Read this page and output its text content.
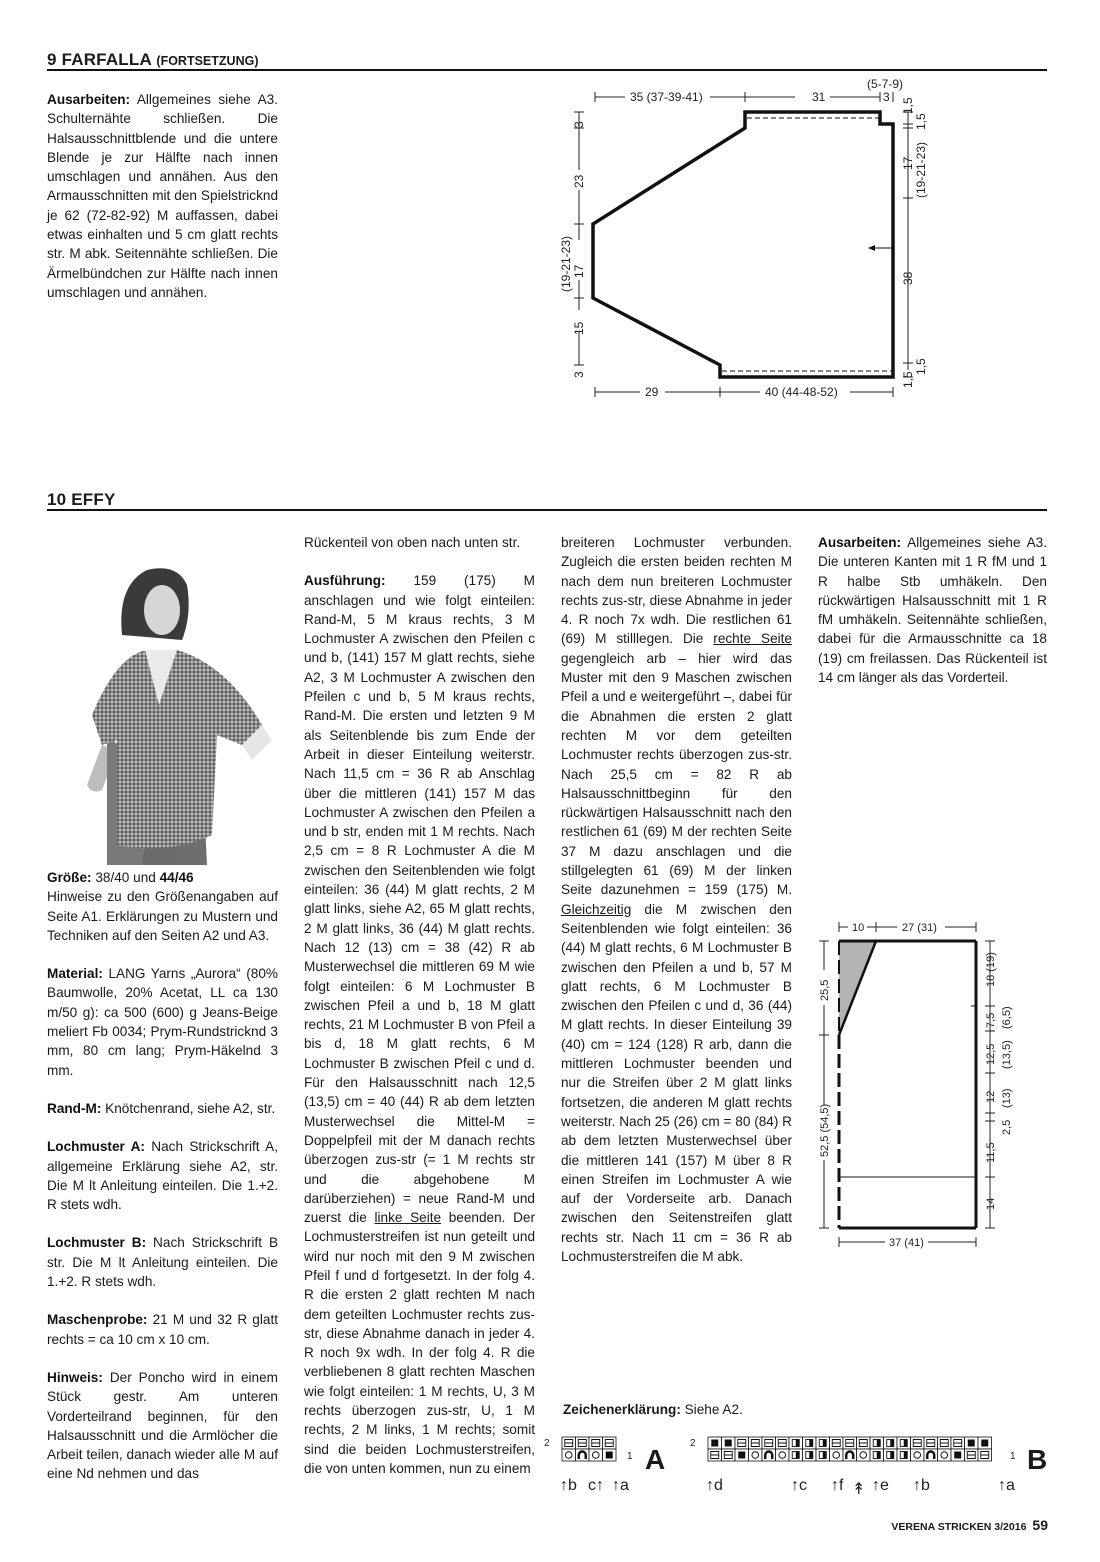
9 FARFALLA (FORTSETZUNG)

Ausarbeiten: Allgemeines siehe A3. Schulternähte schließen. Die Halsausschnittblende und die untere Blende je zur Hälfte nach innen umschlagen und annähen. Aus den Armausschnitten mit den Spielstricknd je 62 (72-82-92) M auffassen, dabei etwas einhalten und 5 cm glatt rechts str. M abk. Seitennähte schließen. Die Ärmelbündchen zur Hälfte nach innen umschlagen und annähen.

35 (37-39-41)	31
(5-7-9)
3
3
23
17
(19-21-23)
15
3
29	40 (44-48-52)
1,5
1,5
17 (19-21-23)
38
1,5
1,5
10 EFFY

Größe: 38/40 und 44/46
Hinweise zu den Größenangaben auf Seite A1. Erklärungen zu Mustern und Techniken auf den Seiten A2 und A3.

Material: LANG Yarns „Aurora“ (80% Baumwolle, 20% Acetat, LL ca 130 m/50 g): ca 500 (600) g Jeans-Beige meliert Fb 0034; Prym-Rundstricknd 3 mm, 80 cm lang; Prym-Häkelnd 3 mm.

Rand-M: Knötchenrand, siehe A2, str.

Lochmuster A: Nach Strickschrift A, allgemeine Erklärung siehe A2, str. Die M lt Anleitung einteilen. Die 1.+2. R stets wdh.

Lochmuster B: Nach Strickschrift B str. Die M lt Anleitung einteilen. Die 1.+2. R stets wdh.

Maschenprobe: 21 M und 32 R glatt rechts = ca 10 cm x 10 cm.

Hinweis: Der Poncho wird in einem Stück gestr. Am unteren Vorderteilrand beginnen, für den Halsausschnitt und die Armlöcher die Arbeit teilen, danach wieder alle M auf eine Nd nehmen und das

Rückenteil von oben nach unten str.

Ausführung: 159 (175) M anschlagen und wie folgt einteilen: Rand-M, 5 M kraus rechts, 3 M Lochmuster A zwischen den Pfeilen c und b, (141) 157 M glatt rechts, siehe A2, 3 M Lochmuster A zwischen den Pfeilen c und b, 5 M kraus rechts, Rand-M. Die ersten und letzten 9 M als Seitenblende bis zum Ende der Arbeit in dieser Einteilung weiterstr. Nach 11,5 cm = 36 R ab Anschlag über die mittleren (141) 157 M das Lochmuster A zwischen den Pfeilen a und b str, enden mit 1 M rechts. Nach 2,5 cm = 8 R Lochmuster A die M zwischen den Seitenblenden wie folgt einteilen: 36 (44) M glatt rechts, 2 M glatt links, siehe A2, 65 M glatt rechts, 2 M glatt links, 36 (44) M glatt rechts. Nach 12 (13) cm = 38 (42) R ab Musterwechsel die mittleren 69 M wie folgt einteilen: 6 M Lochmuster B zwischen Pfeil a und b, 18 M glatt rechts, 21 M Lochmuster B von Pfeil a bis d, 18 M glatt rechts, 6 M Lochmuster B zwischen Pfeil c und d. Für den Halsausschnitt nach 12,5 (13,5) cm = 40 (44) R ab dem letzten Musterwechsel die Mittel-M = Doppelpfeil mit der M danach rechts überzogen zus-str (= 1 M rechts str und die abgehobene M darüberziehen) = neue Rand-M und zuerst die linke Seite beenden. Der Lochmusterstreifen ist nun geteilt und wird nur noch mit den 9 M zwischen Pfeil f und d fortgesetzt. In der folg 4. R die ersten 2 glatt rechten M nach dem geteilten Lochmuster rechts zus-str, diese Abnahme danach in jeder 4. R noch 9x wdh. In der folg 4. R die verbliebenen 8 glatt rechten Maschen wie folgt einteilen: 1 M rechts, U, 3 M rechts überzogen zus-str, U, 1 M rechts, 2 M links, 1 M rechts; somit sind die beiden Lochmusterstreifen, die von unten kommen, nun zu einem

breiteren Lochmuster verbunden. Zugleich die ersten beiden rechten M nach dem nun breiteren Lochmuster rechts zus-str, diese Abnahme in jeder 4. R noch 7x wdh. Die restlichen 61 (69) M stilllegen. Die rechte Seite gegengleich arb – hier wird das Muster mit den 9 Maschen zwischen Pfeil a und e weitergeführt –, dabei für die Abnahmen die ersten 2 glatt rechten M vor dem geteilten Lochmuster rechts überzogen zus-str. Nach 25,5 cm = 82 R ab Halsausschnittbeginn für den rückwärtigen Halsausschnitt nach den restlichen 61 (69) M der rechten Seite 37 M dazu anschlagen und die stillgelegten 61 (69) M der linken Seite dazunehmen = 159 (175) M. Gleichzeitig die M zwischen den Seitenblenden wie folgt einteilen: 36 (44) M glatt rechts, 6 M Lochmuster B zwischen den Pfeilen a und b, 57 M glatt rechts, 6 M Lochmuster B zwischen den Pfeilen c und d, 36 (44) M glatt rechts. In dieser Einteilung 39 (40) cm = 124 (128) R arb, dann die mittleren Lochmuster beenden und nur die Streifen über 2 M glatt links fortsetzen, die anderen M glatt rechts weiterstr. Nach 25 (26) cm = 80 (84) R ab dem letzten Musterwechsel über die mittleren 141 (157) M über 8 R einen Streifen im Lochmuster A wie auf der Vorderseite arb. Danach zwischen den Seitenstreifen glatt rechts str. Nach 11 cm = 36 R ab Lochmusterstreifen die M abk.

Ausarbeiten: Allgemeines siehe A3. Die unteren Kanten mit 1 R fM und 1 R halbe Stb umhäkeln. Den rückwärtigen Halsausschnitt mit 1 R fM umhäkeln. Seitennähte schließen, dabei für die Armausschnitte ca 18 (19) cm freilassen. Das Rückenteil ist 14 cm länger als das Vorderteil.

10	27 (31)
25,5
52,5 (54,5)
18 (19)
7,5 (6,5)
12,5 (13,5)
12 (13)
2,5
11,5
14
37 (41)
Zeichenerklärung: Siehe A2.
2
1
↑b c↑ ↑a
A
2
1
↑d	↑c ↑f ↟ ↑e ↑b	↑a
B
VERENA STRICKEN 3/2016 59
